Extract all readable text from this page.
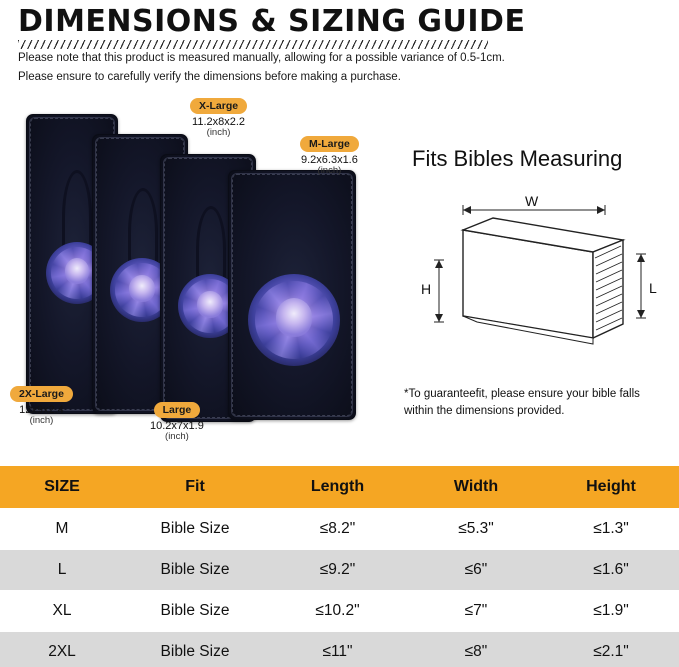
DIMENSIONS & SIZING GUIDE
Please note that this product is measured manually, allowing for a possible variance of 0.5-1cm.
Please ensure to carefully verify the dimensions before making a purchase.
X-Large
11.2x8x2.2
(inch)
M-Large
9.2x6.3x1.6
(inch)
2X-Large
12x9x2.4
(inch)
Large
10.2x7x1.9
(inch)
Fits Bibles Measuring
W
H	L
*To guaranteefit, please ensure your bible falls within the dimensions provided.
SIZE	Fit	Length	Width	Height
M	Bible Size	≤8.2"	≤5.3"	≤1.3"
L	Bible Size	≤9.2"	≤6"	≤1.6"
XL	Bible Size	≤10.2"	≤7"	≤1.9"
2XL	Bible Size	≤11"	≤8"	≤2.1"
